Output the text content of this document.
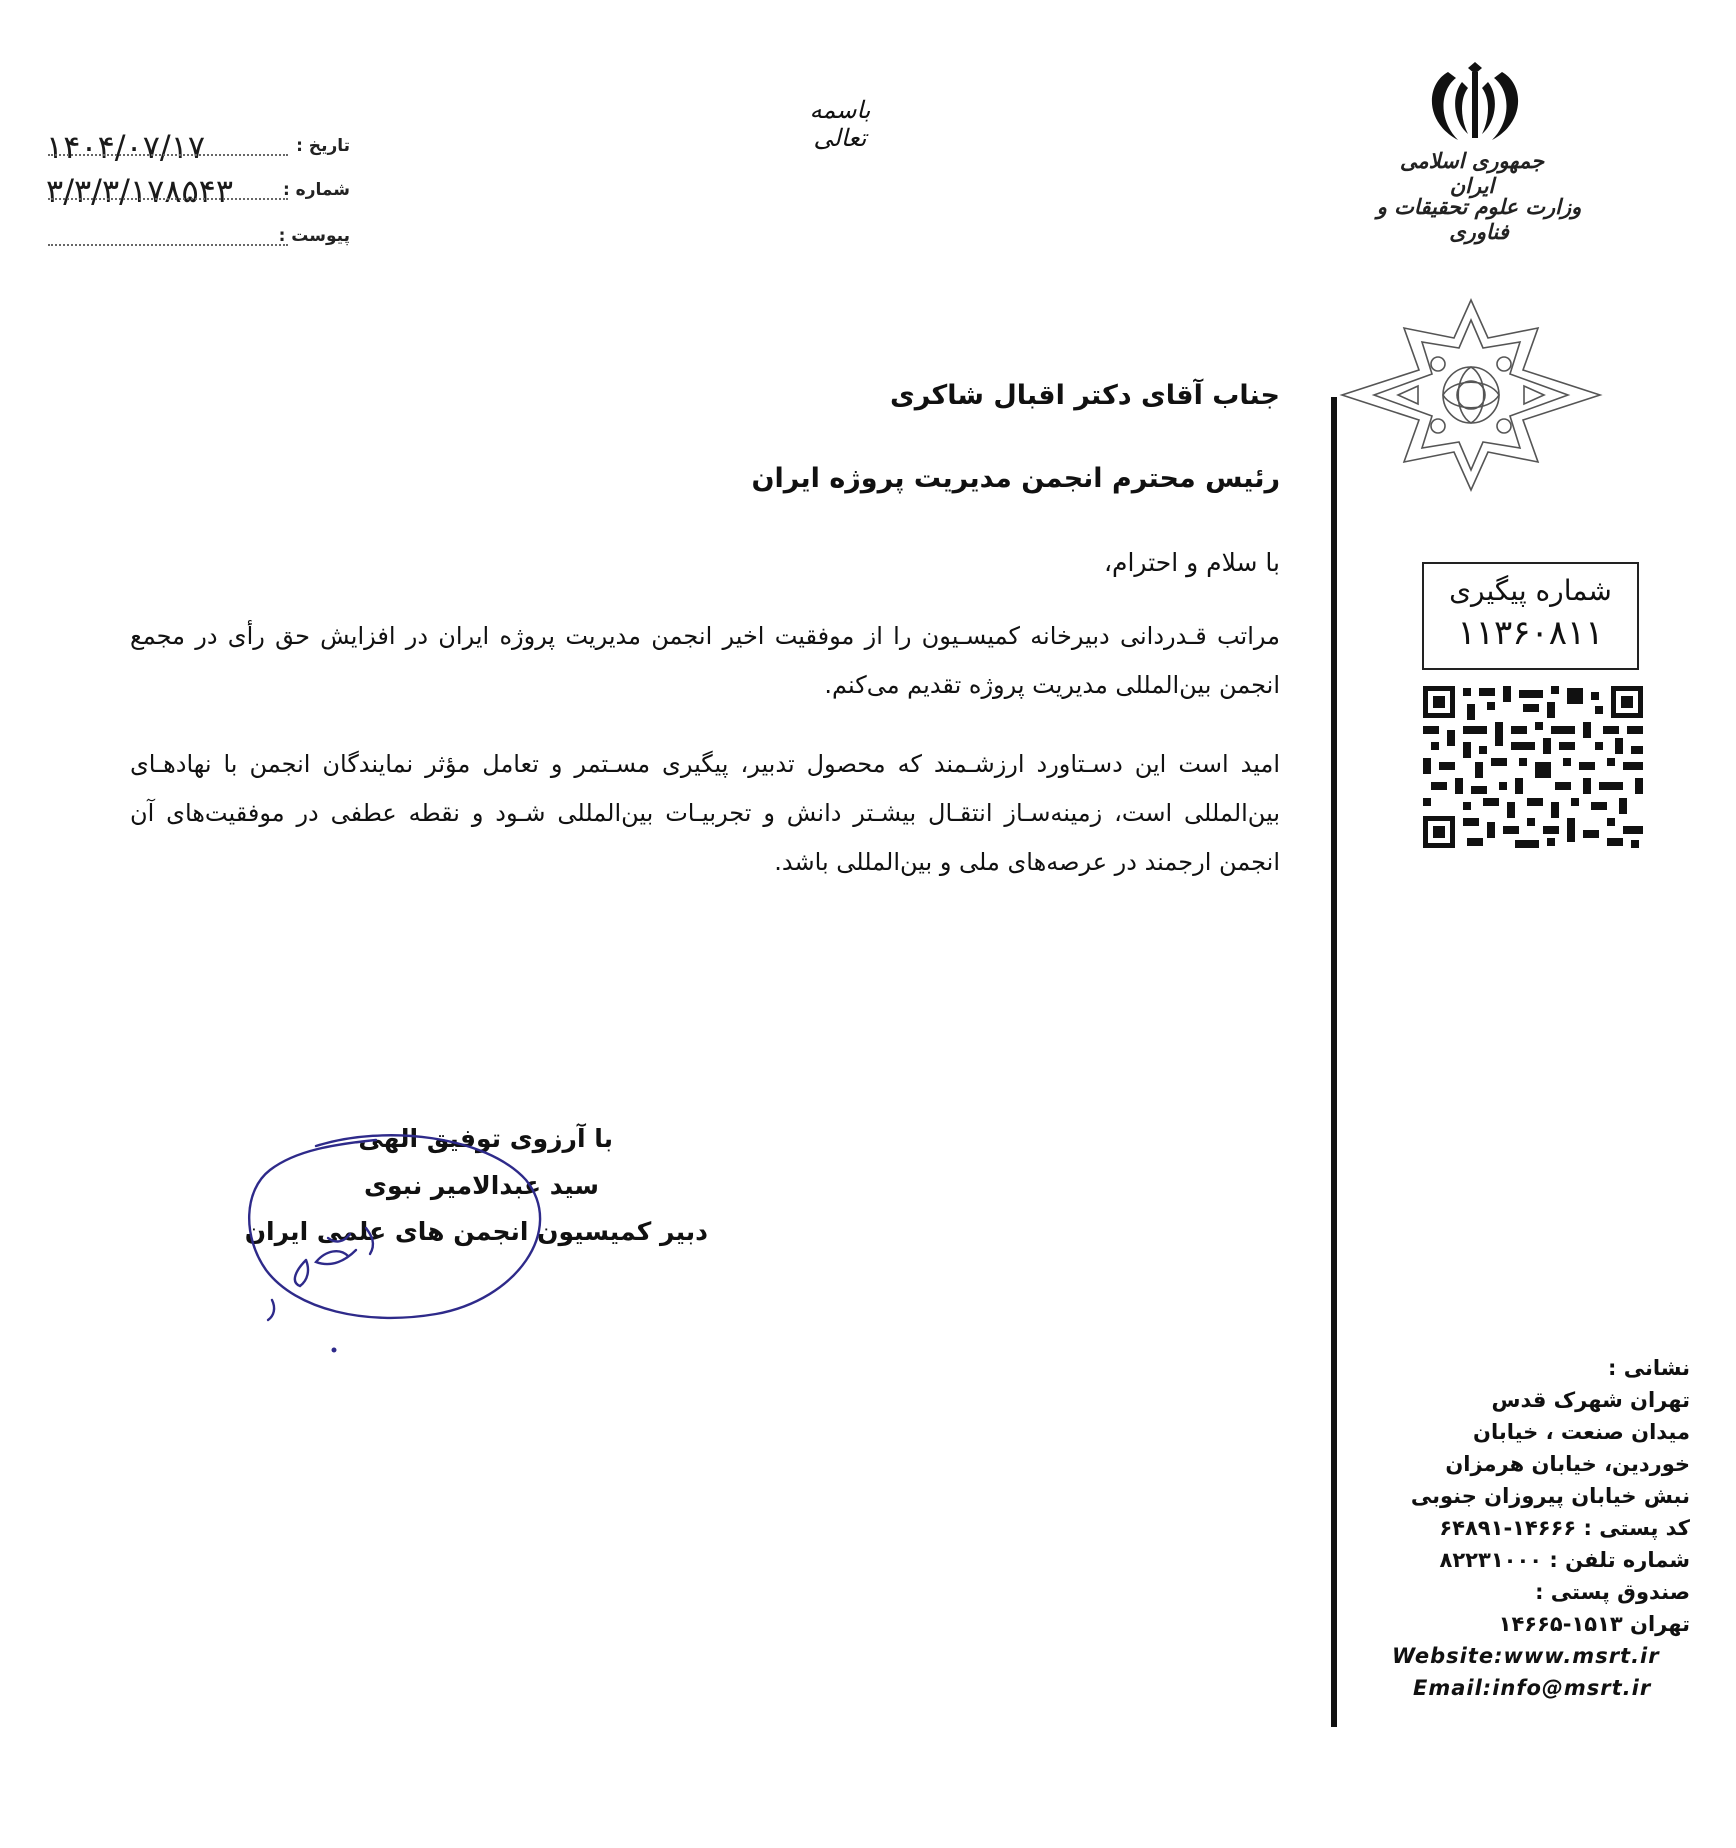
تاریخ :
۱۴۰۴/۰۷/۱۷
شماره :
۳/۳/۳/۱۷۸۵۴۳
پیوست :
باسمه تعالی
جمهوری اسلامی ایران
وزارت علوم تحقیقات و فناوری
شماره پیگیری
۱۱۳۶۰۸۱۱
جناب آقای دکتر اقبال شاکری
رئیس محترم انجمن مدیریت پروژه ایران
با سلام و احترام،
مراتب قـدردانی دبیرخانه کمیسـیون را از موفقیت اخیر انجمن مدیریت پروژه ایران در افزایش حق رأی در مجمع انجمن بین‌المللی مدیریت پروژه تقدیم می‌کنم.
امید است این دسـتاورد ارزشـمند که محصول تدبیر، پیگیری مسـتمر و تعامل مؤثر نمایندگان انجمن با نهادهـای بین‌المللی است، زمینه‌سـاز انتقـال بیشـتر دانش و تجربیـات بین‌المللی شـود و نقطه عطفی در موفقیت‌های آن انجمن ارجمند در عرصه‌های ملی و بین‌المللی باشد.
با آرزوی توفیق الهی
سید عبدالامیر نبوی
دبیر کمیسیون انجمن های علمی ایران
نشانی :
تهران شهرک قدس
میدان صنعت ، خیابان
خوردین، خیابان هرمزان
نبش خیابان پیروزان جنوبی
کد پستی : ۱۴۶۶۶-۶۴۸۹۱
شماره تلفن : ۸۲۲۳۱۰۰۰
صندوق پستی :
تهران ۱۵۱۳-۱۴۶۶۵
Website:www.msrt.ir
Email:info@msrt.ir
